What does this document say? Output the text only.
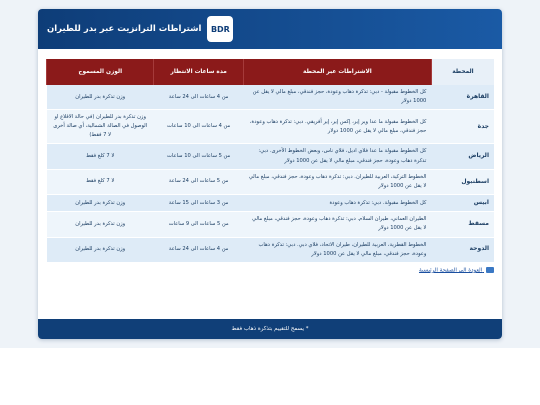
BDR
اشتراطات الترانزيت عبر بدر للطيران
المحطة	الاشتراطات عبر المحطة	مدة ساعات الانتظار	الوزن المسموح
القاهرة	كل الخطوط مقبولة - دبي: تذكرة ذهاب وعودة، حجز فندقي، مبلغ مالي لا يقل عن 1000 دولار	من 4 ساعات الى 24 ساعة	وزن تذكرة بدر للطيران
جدة	كل الخطوط مقبولة ما عدا وير إير، إكس إير، إير أفريقي. دبي: تذكرة ذهاب وعودة، حجز فندقي، مبلغ مالي لا يقل عن 1000 دولار	من 4 ساعات الى 10 ساعات	وزن تذكرة بدر للطيران (في حالة الاقلاع او الوصول في الصالة الشمالية، أي صالة أخرى لا 7 فقط)
الرياض	كل الخطوط مقبولة ما عدا فلاي اديل، فلاي ناس، وبعض الخطوط الأخرى. دبي: تذكرة ذهاب وعودة، حجز فندقي، مبلغ مالي لا يقل عن 1000 دولار	من 5 ساعات الى 10 ساعات	لا 7 كلغ فقط
اسطنبول	الخطوط التركية، العربية للطيران. دبي: تذكرة ذهاب وعودة، حجز فندقي، مبلغ مالي لا يقل عن 1000 دولار	من 5 ساعات الى 24 ساعة	لا 7 كلغ فقط
ابيس	كل الخطوط مقبولة. دبي: تذكرة ذهاب وعودة	من 3 ساعات الى 15 ساعة	وزن تذكرة بدر للطيران
مسقط	الطيران العماني، طيران السلام. دبي: تذكرة ذهاب وعودة، حجز فندقي، مبلغ مالي لا يقل عن 1000 دولار	من 5 ساعات الى 9 ساعات	وزن تذكرة بدر للطيران
الدوحة	الخطوط القطرية، العربية للطيران، طيران الاتحاد، فلاي دبي. دبي: تذكرة ذهاب وعودة، حجز فندقي، مبلغ مالي لا يقل عن 1000 دولار	من 4 ساعات الى 24 ساعة	وزن تذكرة بدر للطيران
العودة الى الصفحة الرئيسية
* يسمح للتقييم بتذكرة ذهاب فقط
